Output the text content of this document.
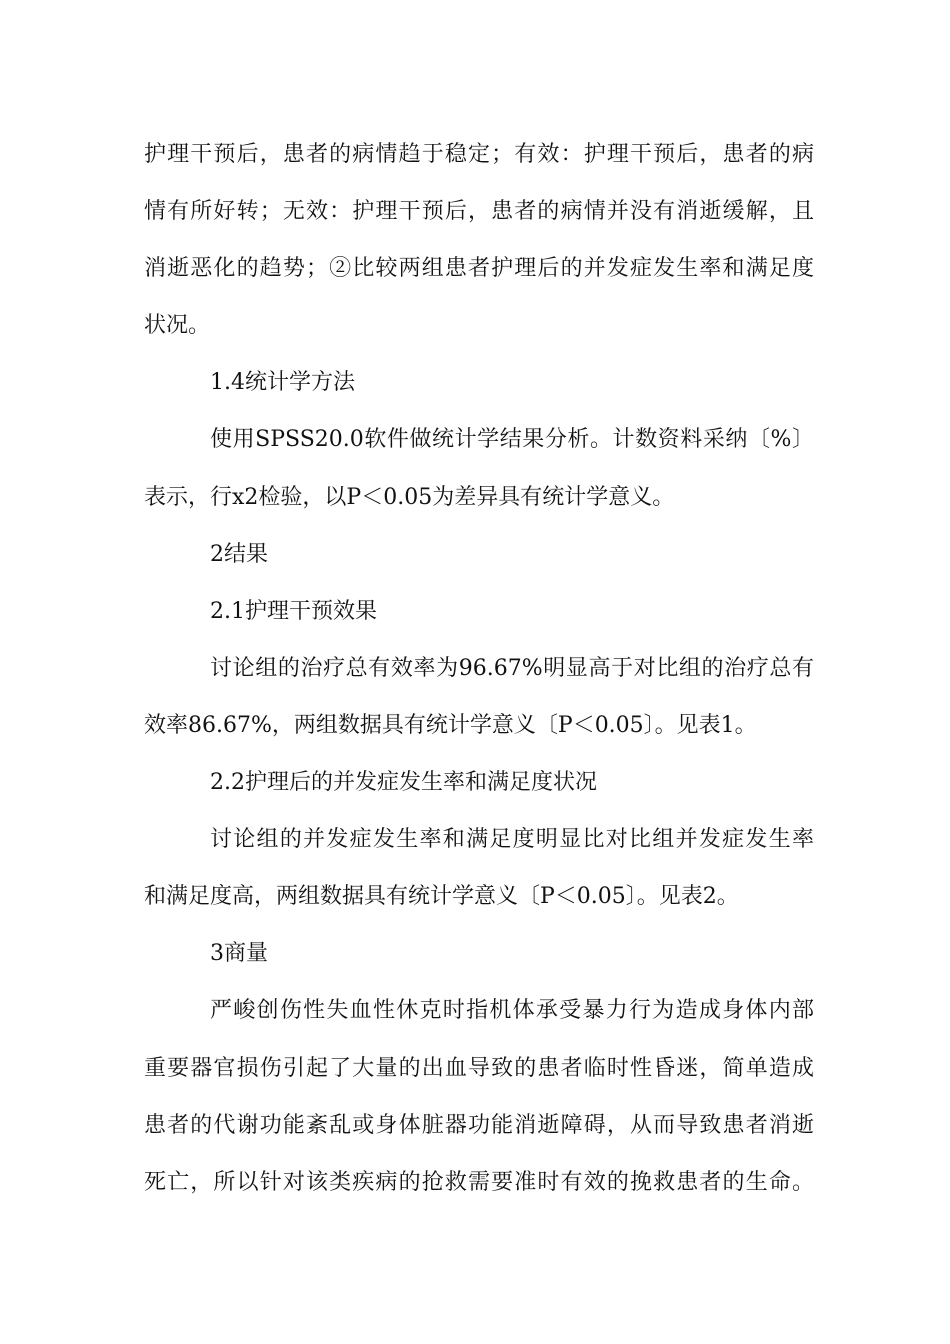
护理干预后，患者的病情趋于稳定；有效：护理干预后，患者的病

情有所好转；无效：护理干预后，患者的病情并没有消逝缓解，且

消逝恶化的趋势；②比较两组患者护理后的并发症发生率和满足度

状况。

1.4统计学方法

使用SPSS20.0软件做统计学结果分析。计数资料采纳〔%〕

表示，行x2检验，以P＜0.05为差异具有统计学意义。

2结果

2.1护理干预效果

讨论组的治疗总有效率为96.67%明显高于对比组的治疗总有

效率86.67%，两组数据具有统计学意义〔P＜0.05〕。见表1。

2.2护理后的并发症发生率和满足度状况

讨论组的并发症发生率和满足度明显比对比组并发症发生率

和满足度高，两组数据具有统计学意义〔P＜0.05〕。见表2。

3商量

严峻创伤性失血性休克时指机体承受暴力行为造成身体内部

重要器官损伤引起了大量的出血导致的患者临时性昏迷，简单造成

患者的代谢功能紊乱或身体脏器功能消逝障碍，从而导致患者消逝

死亡，所以针对该类疾病的抢救需要准时有效的挽救患者的生命。
